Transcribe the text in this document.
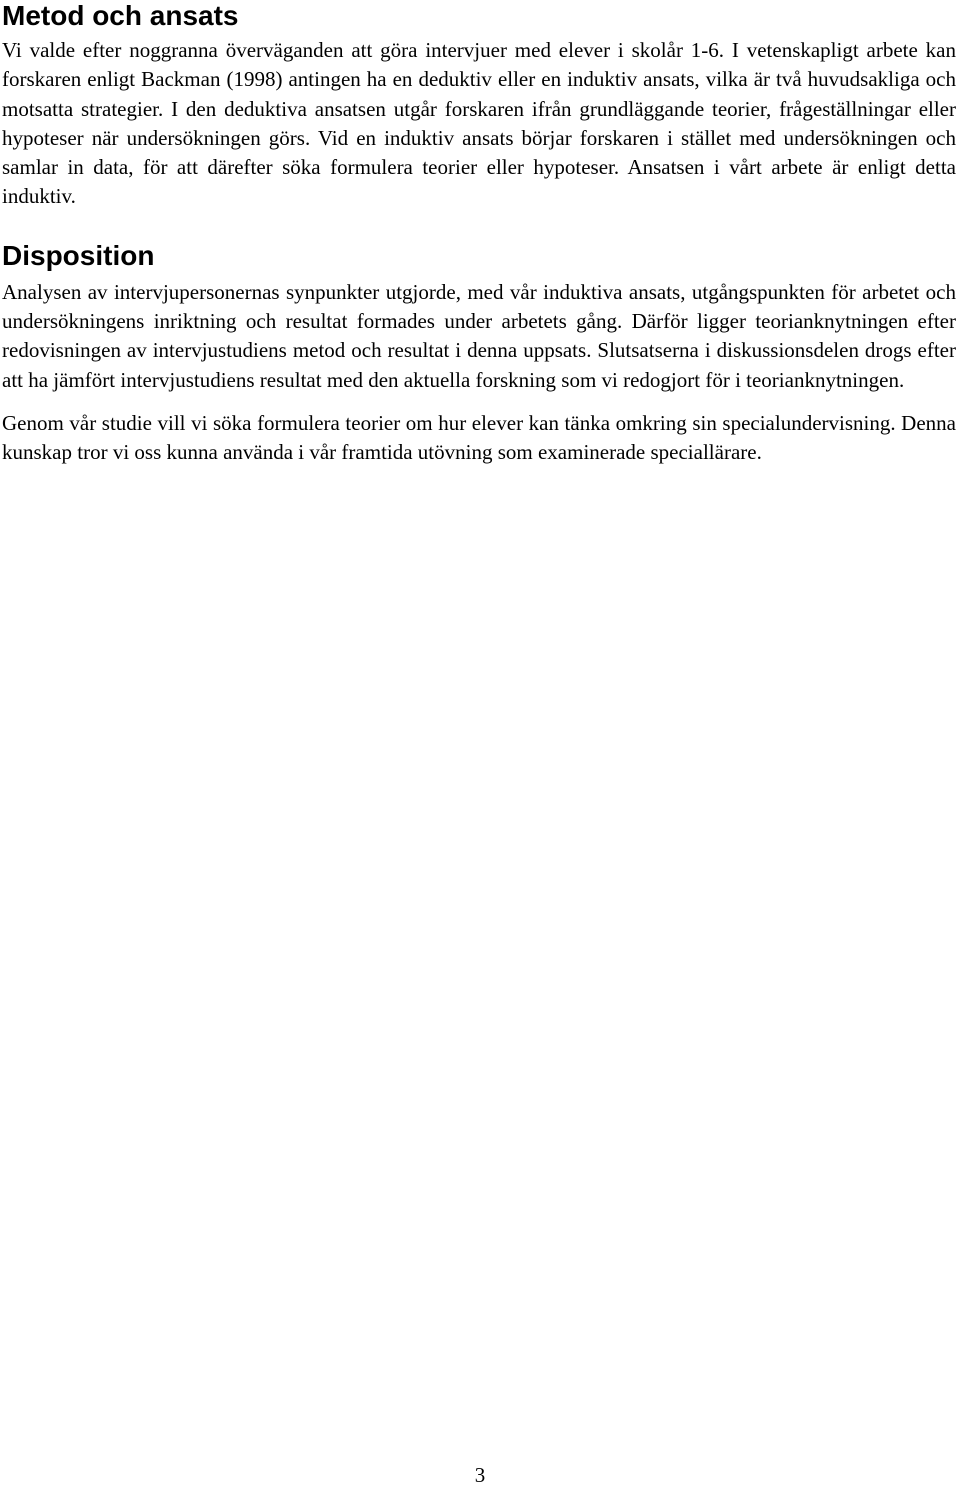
Metod och ansats

Vi valde efter noggranna överväganden att göra intervjuer med elever i skolår 1-6. I vetenskapligt arbete kan forskaren enligt Backman (1998) antingen ha en deduktiv eller en induktiv ansats, vilka är två huvudsakliga och motsatta strategier. I den deduktiva ansatsen utgår forskaren ifrån grundläggande teorier, frågeställningar eller hypoteser när undersökningen görs. Vid en induktiv ansats börjar forskaren i stället med undersökningen och samlar in data, för att därefter söka formulera teorier eller hypoteser. Ansatsen i vårt arbete är enligt detta induktiv.

Disposition

Analysen av intervjupersonernas synpunkter utgjorde, med vår induktiva ansats, utgångspunkten för arbetet och undersökningens inriktning och resultat formades under arbetets gång. Därför ligger teorianknytningen efter redovisningen av intervjustudiens metod och resultat i denna uppsats. Slutsatserna i diskussionsdelen drogs efter att ha jämfört intervjustudiens resultat med den aktuella forskning som vi redogjort för i teorianknytningen.

Genom vår studie vill vi söka formulera teorier om hur elever kan tänka omkring sin specialundervisning. Denna kunskap tror vi oss kunna använda i vår framtida utövning som examinerade speciallärare.

3
